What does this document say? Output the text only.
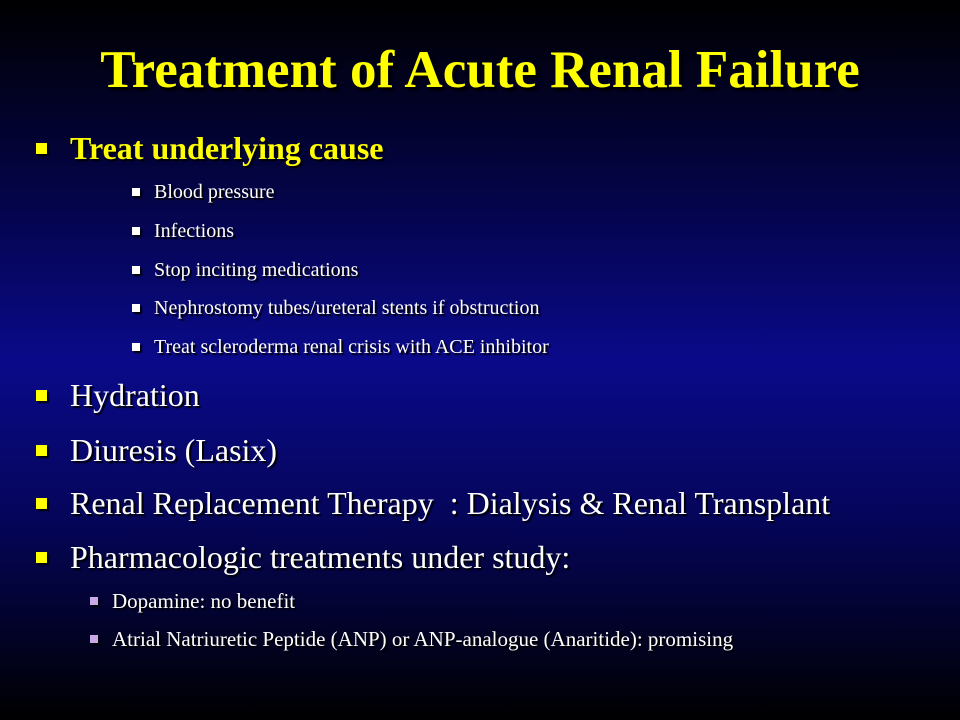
Treatment of Acute Renal Failure
Treat underlying cause
Blood pressure
Infections
Stop inciting medications
Nephrostomy tubes/ureteral stents if obstruction
Treat scleroderma renal crisis with ACE inhibitor
Hydration
Diuresis (Lasix)
Renal Replacement Therapy  : Dialysis & Renal Transplant
Pharmacologic treatments under study:
Dopamine: no benefit
Atrial Natriuretic Peptide (ANP) or ANP-analogue (Anaritide): promising
